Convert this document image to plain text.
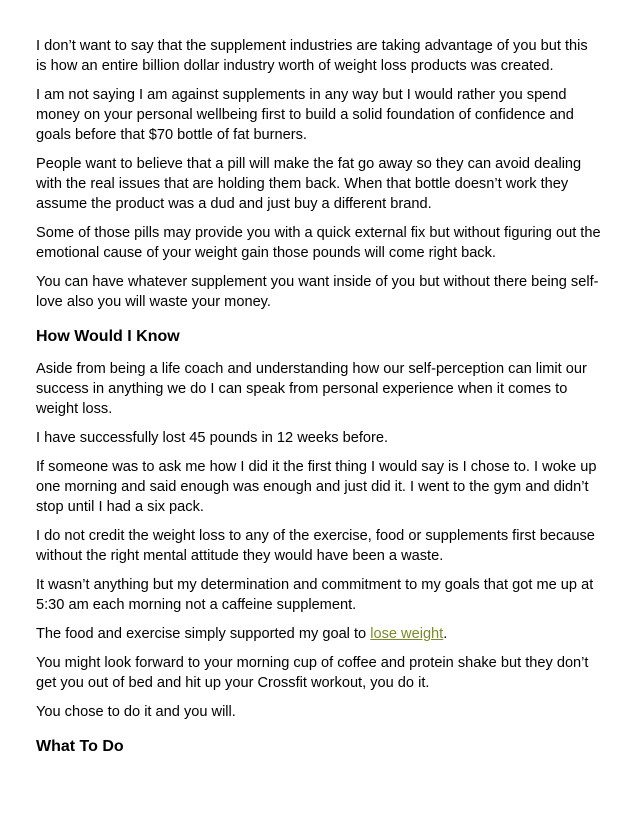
I don’t want to say that the supplement industries are taking advantage of you but this is how an entire billion dollar industry worth of weight loss products was created.

I am not saying I am against supplements in any way but I would rather you spend money on your personal wellbeing first to build a solid foundation of confidence and goals before that $70 bottle of fat burners.

People want to believe that a pill will make the fat go away so they can avoid dealing with the real issues that are holding them back. When that bottle doesn’t work they assume the product was a dud and just buy a different brand.

Some of those pills may provide you with a quick external fix but without figuring out the emotional cause of your weight gain those pounds will come right back.

You can have whatever supplement you want inside of you but without there being self-love also you will waste your money.

How Would I Know

Aside from being a life coach and understanding how our self-perception can limit our success in anything we do I can speak from personal experience when it comes to weight loss.

I have successfully lost 45 pounds in 12 weeks before.

If someone was to ask me how I did it the first thing I would say is I chose to. I woke up one morning and said enough was enough and just did it. I went to the gym and didn’t stop until I had a six pack.

I do not credit the weight loss to any of the exercise, food or supplements first because without the right mental attitude they would have been a waste.

It wasn’t anything but my determination and commitment to my goals that got me up at 5:30 am each morning not a caffeine supplement.

The food and exercise simply supported my goal to lose weight.

You might look forward to your morning cup of coffee and protein shake but they don’t get you out of bed and hit up your Crossfit workout, you do it.

You chose to do it and you will.

What To Do
